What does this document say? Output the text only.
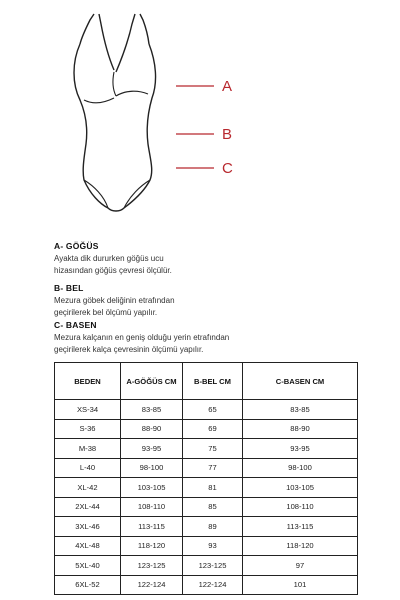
A
B
C
A- GÖĞÜS
Ayakta dik dururken göğüs ucu
hizasından göğüs çevresi ölçülür.
B- BEL
Mezura göbek deliğinin etrafından
geçirilerek bel ölçümü yapılır.
C- BASEN
Mezura kalçanın en geniş olduğu yerin etrafından
geçirilerek kalça çevresinin ölçümü yapılır.
BEDEN	A-GÖĞÜS CM	B-BEL CM	C-BASEN CM
XS-34	83-85	65	83-85
S-36	88-90	69	88-90
M-38	93-95	75	93-95
L-40	98-100	77	98-100
XL-42	103-105	81	103-105
2XL-44	108-110	85	108-110
3XL-46	113-115	89	113-115
4XL-48	118-120	93	118-120
5XL-40	123-125	123-125	97
6XL-52	122-124	122-124	101
